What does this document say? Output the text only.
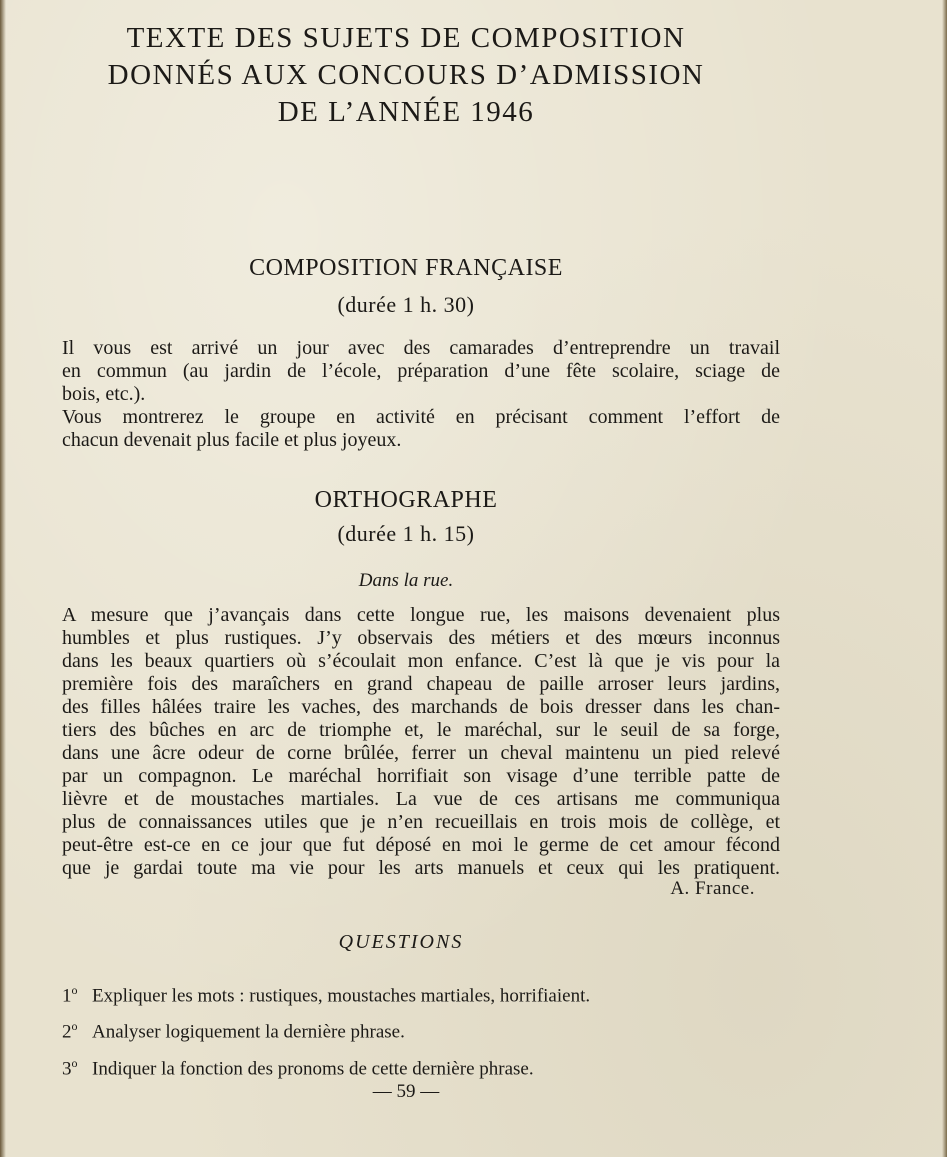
TEXTE DES SUJETS DE COMPOSITION
DONNÉS AUX CONCOURS D’ADMISSION
DE L’ANNÉE 1946
COMPOSITION FRANÇAISE
(durée 1 h. 30)
Il vous est arrivé un jour avec des camarades d’entreprendre un travail
en commun (au jardin de l’école, préparation d’une fête scolaire, sciage de
bois, etc.).
Vous montrerez le groupe en activité en précisant comment l’effort de
chacun devenait plus facile et plus joyeux.
ORTHOGRAPHE
(durée 1 h. 15)
Dans la rue.
A mesure que j’avançais dans cette longue rue, les maisons devenaient plus
humbles et plus rustiques. J’y observais des métiers et des mœurs inconnus
dans les beaux quartiers où s’écoulait mon enfance. C’est là que je vis pour la
première fois des maraîchers en grand chapeau de paille arroser leurs jardins,
des filles hâlées traire les vaches, des marchands de bois dresser dans les chan-
tiers des bûches en arc de triomphe et, le maréchal, sur le seuil de sa forge,
dans une âcre odeur de corne brûlée, ferrer un cheval maintenu un pied relevé
par un compagnon. Le maréchal horrifiait son visage d’une terrible patte de
lièvre et de moustaches martiales. La vue de ces artisans me communiqua
plus de connaissances utiles que je n’en recueillais en trois mois de collège, et
peut-être est-ce en ce jour que fut déposé en moi le germe de cet amour fécond
que je gardai toute ma vie pour les arts manuels et ceux qui les pratiquent.
A. France.
QUESTIONS
1$^o$ Expliquer les mots : rustiques, moustaches martiales, horrifiaient.
2$^o$ Analyser logiquement la dernière phrase.
3$^o$ Indiquer la fonction des pronoms de cette dernière phrase.
— 59 —
